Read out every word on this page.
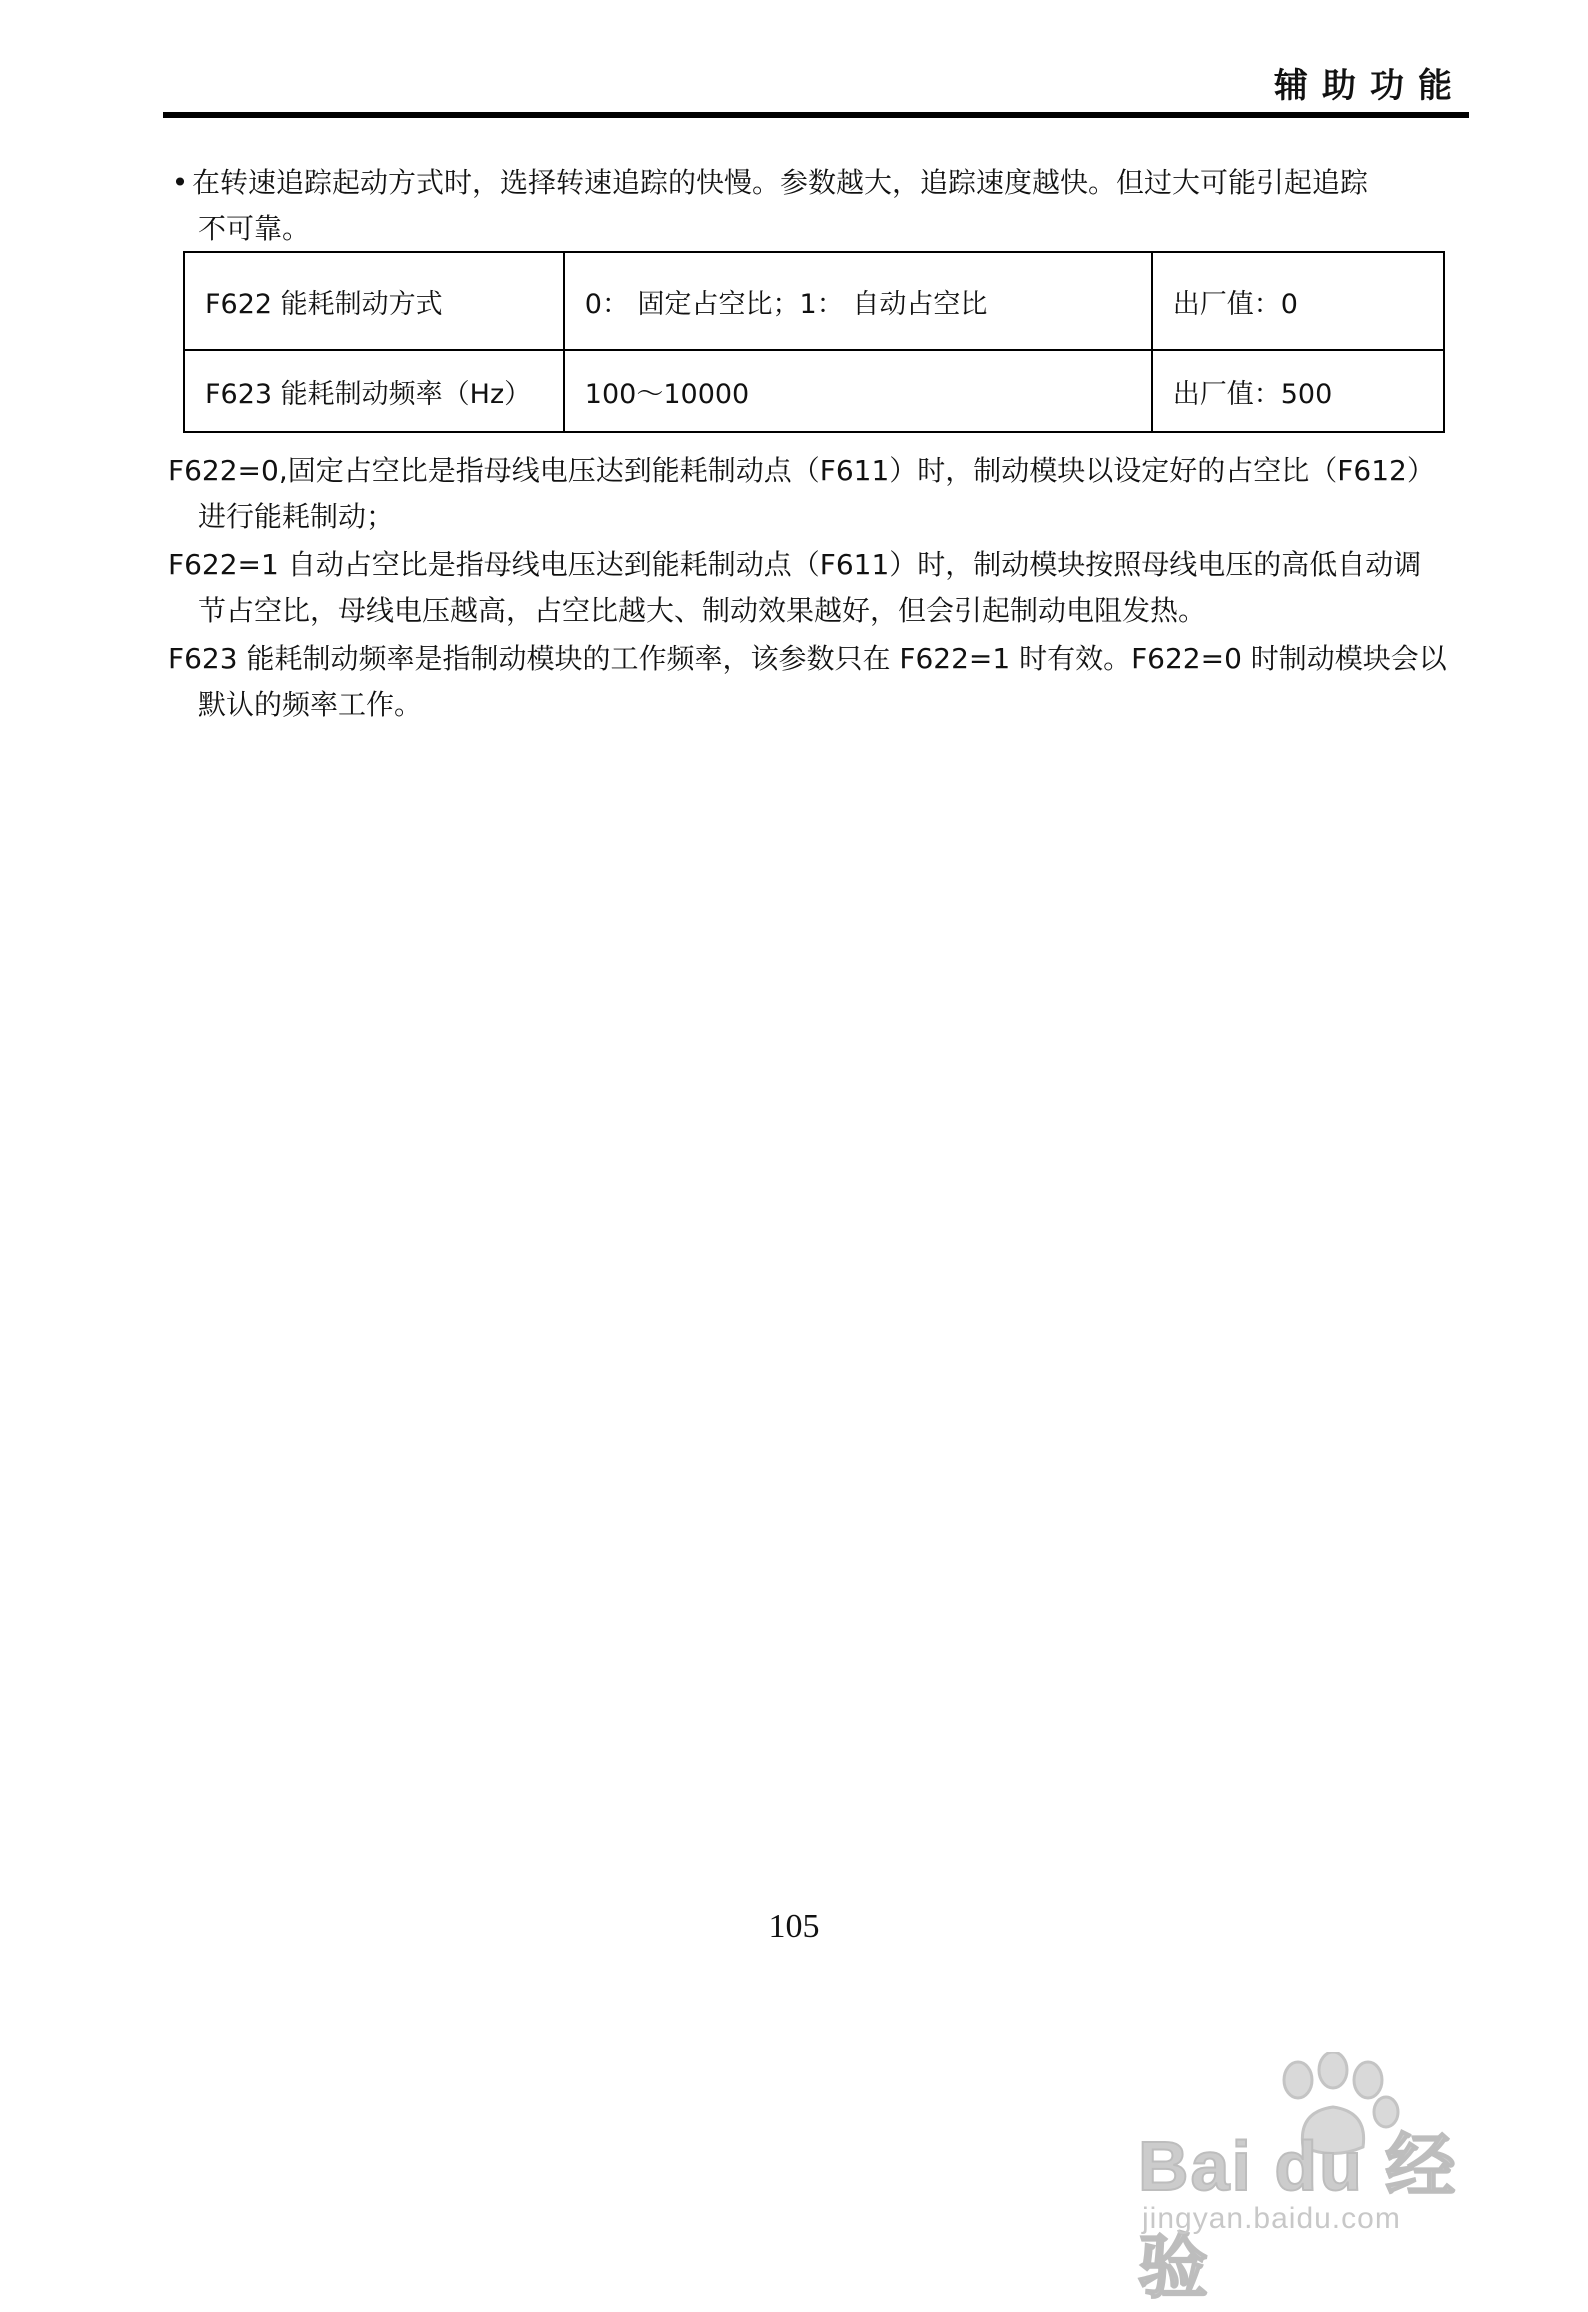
辅助功能
• 在转速追踪起动方式时，选择转速追踪的快慢。参数越大，追踪速度越快。但过大可能引起追踪
不可靠。
F622 能耗制动方式	0： 固定占空比；1： 自动占空比	出厂值：0
F623 能耗制动频率（Hz）	100～10000	出厂值：500
F622=0,固定占空比是指母线电压达到能耗制动点（F611）时，制动模块以设定好的占空比（F612）
进行能耗制动；
F622=1 自动占空比是指母线电压达到能耗制动点（F611）时，制动模块按照母线电压的高低自动调
节占空比，母线电压越高，占空比越大、制动效果越好，但会引起制动电阻发热。
F623 能耗制动频率是指制动模块的工作频率，该参数只在 F622=1 时有效。F622=0 时制动模块会以
默认的频率工作。
105
Bai du 经验
jingyan.baidu.com
